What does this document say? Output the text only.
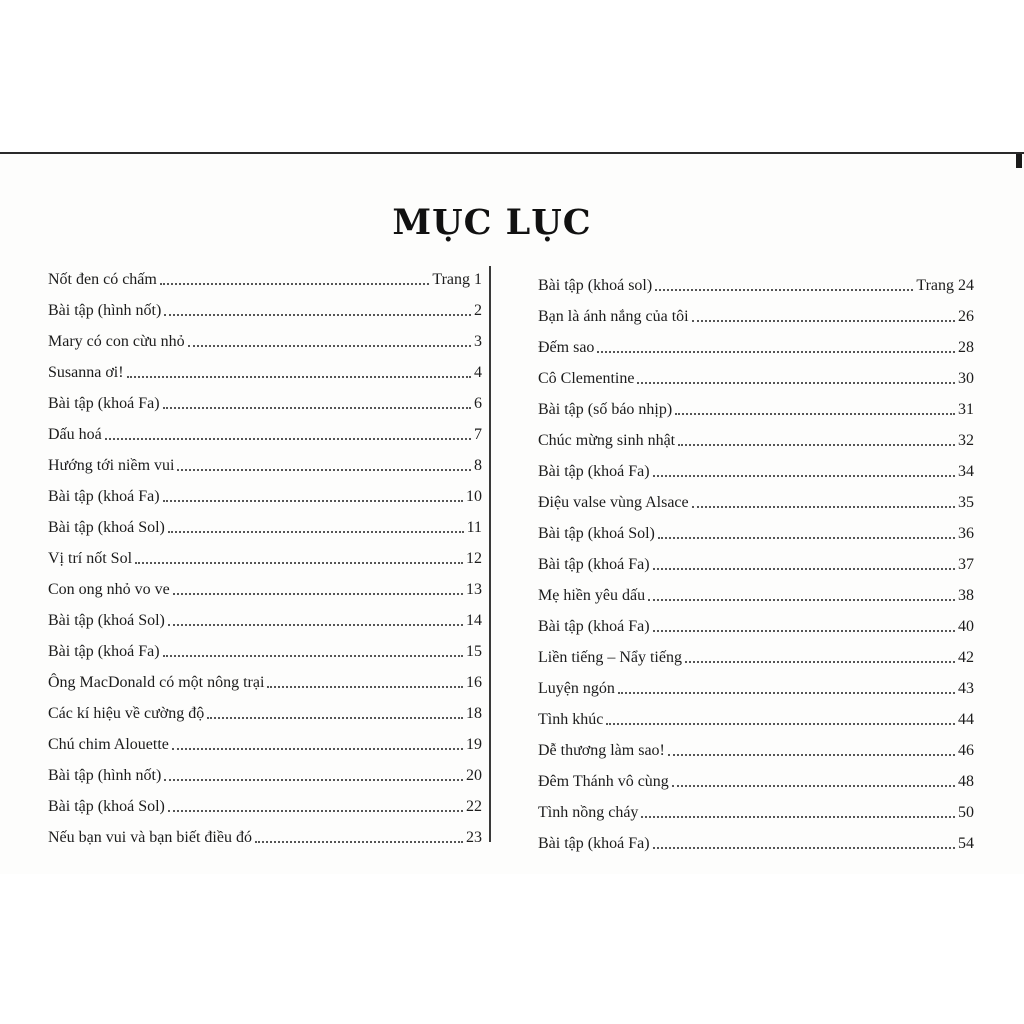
MỤC LỤC
Nốt đen có chấm	Trang 1
Bài tập (hình nốt)	2
Mary có con cừu nhỏ	3
Susanna ơi!	4
Bài tập (khoá Fa)	6
Dấu hoá	7
Hướng tới niềm vui	8
Bài tập (khoá Fa)	10
Bài tập (khoá Sol)	11
Vị trí nốt Sol	12
Con ong nhỏ vo ve	13
Bài tập (khoá Sol)	14
Bài tập (khoá Fa)	15
Ông MacDonald có một nông trại	16
Các kí hiệu về cường độ	18
Chú chim Alouette	19
Bài tập (hình nốt)	20
Bài tập (khoá Sol)	22
Nếu bạn vui và bạn biết điều đó	23
Bài tập (khoá sol)	Trang 24
Bạn là ánh nắng của tôi	26
Đếm sao	28
Cô Clementine	30
Bài tập (số báo nhịp)	31
Chúc mừng sinh nhật	32
Bài tập (khoá Fa)	34
Điệu valse vùng Alsace	35
Bài tập (khoá Sol)	36
Bài tập (khoá Fa)	37
Mẹ hiền yêu dấu	38
Bài tập (khoá Fa)	40
Liền tiếng – Nẩy tiếng	42
Luyện ngón	43
Tình khúc	44
Dễ thương làm sao!	46
Đêm Thánh vô cùng	48
Tình nồng cháy	50
Bài tập (khoá Fa)	54
